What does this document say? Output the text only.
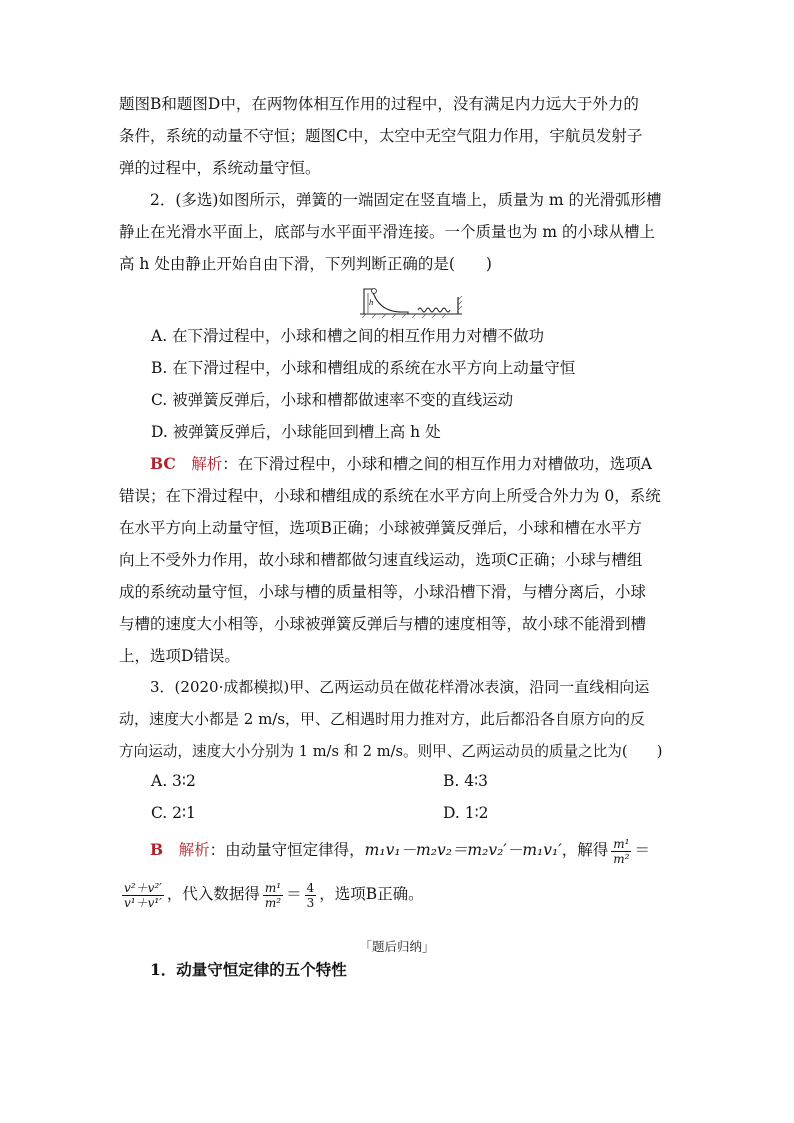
题图B和题图D中，在两物体相互作用的过程中，没有满足内力远大于外力的

条件，系统的动量不守恒；题图C中，太空中无空气阻力作用，宇航员发射子

弹的过程中，系统动量守恒。

2．(多选)如图所示，弹簧的一端固定在竖直墙上，质量为 m 的光滑弧形槽

静止在光滑水平面上，底部与水平面平滑连接。一个质量也为 m 的小球从槽上

高 h 处由静止开始自由下滑，下列判断正确的是(　　)

h

A. 在下滑过程中，小球和槽之间的相互作用力对槽不做功

B. 在下滑过程中，小球和槽组成的系统在水平方向上动量守恒

C. 被弹簧反弹后，小球和槽都做速率不变的直线运动

D. 被弹簧反弹后，小球能回到槽上高 h 处

BC　 解析：在下滑过程中，小球和槽之间的相互作用力对槽做功，选项A

错误；在下滑过程中，小球和槽组成的系统在水平方向上所受合外力为 0，系统

在水平方向上动量守恒，选项B正确；小球被弹簧反弹后，小球和槽在水平方

向上不受外力作用，故小球和槽都做匀速直线运动，选项C正确；小球与槽组

成的系统动量守恒，小球与槽的质量相等，小球沿槽下滑，与槽分离后，小球

与槽的速度大小相等，小球被弹簧反弹后与槽的速度相等，故小球不能滑到槽

上，选项D错误。

3．(2020·成都模拟)甲、乙两运动员在做花样滑冰表演，沿同一直线相向运

动，速度大小都是 2 m/s，甲、乙相遇时用力推对方，此后都沿各自原方向的反

方向运动，速度大小分别为 1 m/s 和 2 m/s。则甲、乙两运动员的质量之比为(　　)

A. 3∶2	B. 4∶3

C. 2∶1	D. 1∶2

B　 解析：由动量守恒定律得，m₁v₁－m₂v₂＝m₂v₂′－m₁v₁′，解得 $\frac{\text{m¹}}{\text{m²}}$ ＝

$\frac{\text{v²＋v²′}}{\text{v¹＋v¹′}}$ ，代入数据得 $\frac{\text{m¹}}{\text{m²}} = \frac{4}{3}$ ，选项B正确。

「题后归纳」

1．动量守恒定律的五个特性
